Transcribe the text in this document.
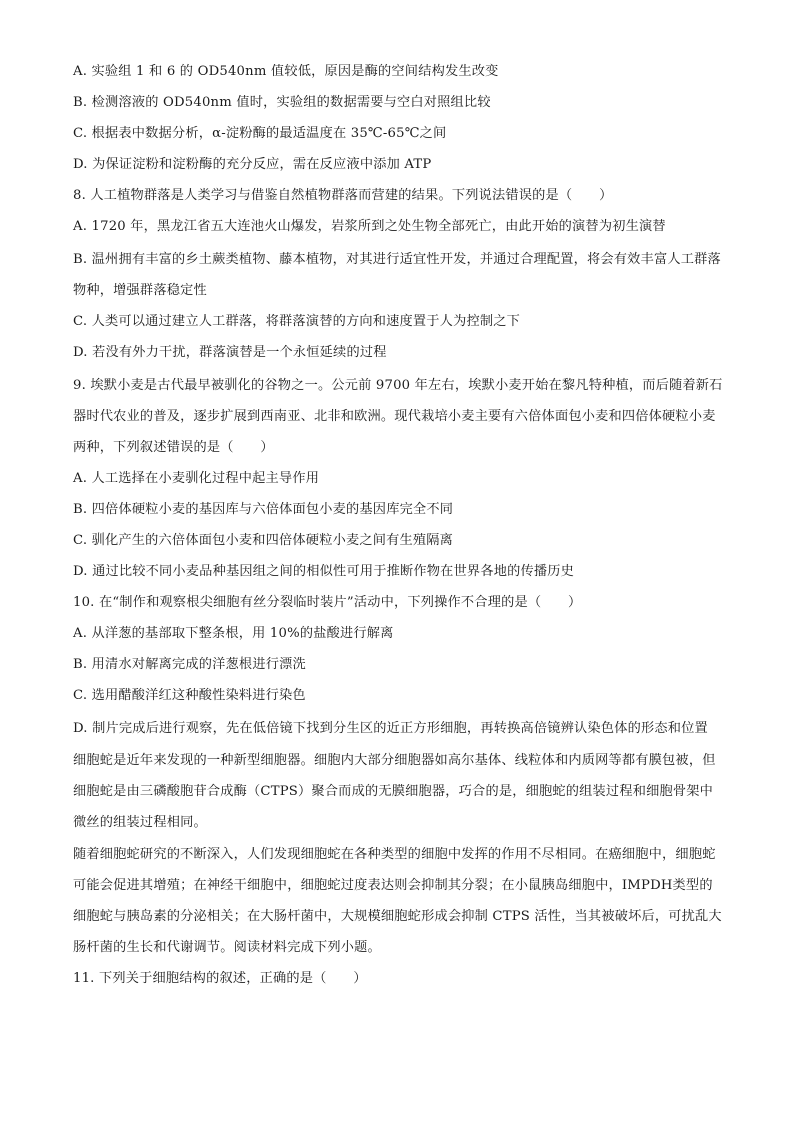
A. 实验组 1 和 6 的 OD540nm 值较低，原因是酶的空间结构发生改变
B. 检测溶液的 OD540nm 值时，实验组的数据需要与空白对照组比较
C. 根据表中数据分析，α-淀粉酶的最适温度在 35℃-65℃之间
D. 为保证淀粉和淀粉酶的充分反应，需在反应液中添加 ATP
8. 人工植物群落是人类学习与借鉴自然植物群落而营建的结果。下列说法错误的是（　　）
A. 1720 年，黑龙江省五大连池火山爆发，岩浆所到之处生物全部死亡，由此开始的演替为初生演替
B. 温州拥有丰富的乡土蕨类植物、藤本植物，对其进行适宜性开发，并通过合理配置，将会有效丰富人工群落物种，增强群落稳定性
C. 人类可以通过建立人工群落，将群落演替的方向和速度置于人为控制之下
D. 若没有外力干扰，群落演替是一个永恒延续的过程
9. 埃默小麦是古代最早被驯化的谷物之一。公元前 9700 年左右，埃默小麦开始在黎凡特种植，而后随着新石器时代农业的普及，逐步扩展到西南亚、北非和欧洲。现代栽培小麦主要有六倍体面包小麦和四倍体硬粒小麦两种，下列叙述错误的是（　　）
A. 人工选择在小麦驯化过程中起主导作用
B. 四倍体硬粒小麦的基因库与六倍体面包小麦的基因库完全不同
C. 驯化产生的六倍体面包小麦和四倍体硬粒小麦之间有生殖隔离
D. 通过比较不同小麦品种基因组之间的相似性可用于推断作物在世界各地的传播历史
10. 在“制作和观察根尖细胞有丝分裂临时装片”活动中，下列操作不合理的是（　　）
A. 从洋葱的基部取下整条根，用 10%的盐酸进行解离
B. 用清水对解离完成的洋葱根进行漂洗
C. 选用醋酸洋红这种酸性染料进行染色
D. 制片完成后进行观察，先在低倍镜下找到分生区的近正方形细胞，再转换高倍镜辨认染色体的形态和位置
细胞蛇是近年来发现的一种新型细胞器。细胞内大部分细胞器如高尔基体、线粒体和内质网等都有膜包被，但细胞蛇是由三磷酸胞苷合成酶（CTPS）聚合而成的无膜细胞器，巧合的是，细胞蛇的组装过程和细胞骨架中微丝的组装过程相同。
随着细胞蛇研究的不断深入，人们发现细胞蛇在各种类型的细胞中发挥的作用不尽相同。在癌细胞中，细胞蛇可能会促进其增殖；在神经干细胞中，细胞蛇过度表达则会抑制其分裂；在小鼠胰岛细胞中，IMPDH类型的细胞蛇与胰岛素的分泌相关；在大肠杆菌中，大规模细胞蛇形成会抑制 CTPS 活性，当其被破坏后，可扰乱大肠杆菌的生长和代谢调节。阅读材料完成下列小题。
11. 下列关于细胞结构的叙述，正确的是（　　）
